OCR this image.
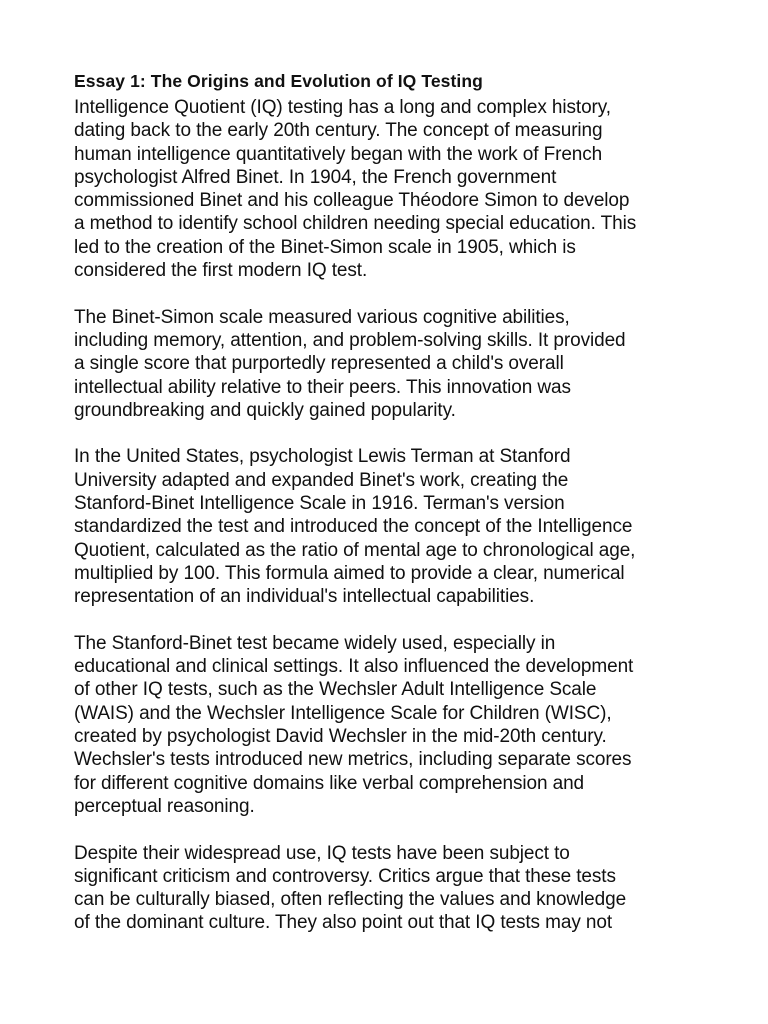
Essay 1: The Origins and Evolution of IQ Testing
Intelligence Quotient (IQ) testing has a long and complex history,
dating back to the early 20th century. The concept of measuring
human intelligence quantitatively began with the work of French
psychologist Alfred Binet. In 1904, the French government
commissioned Binet and his colleague Théodore Simon to develop
a method to identify school children needing special education. This
led to the creation of the Binet-Simon scale in 1905, which is
considered the first modern IQ test.
The Binet-Simon scale measured various cognitive abilities,
including memory, attention, and problem-solving skills. It provided
a single score that purportedly represented a child's overall
intellectual ability relative to their peers. This innovation was
groundbreaking and quickly gained popularity.
In the United States, psychologist Lewis Terman at Stanford
University adapted and expanded Binet's work, creating the
Stanford-Binet Intelligence Scale in 1916. Terman's version
standardized the test and introduced the concept of the Intelligence
Quotient, calculated as the ratio of mental age to chronological age,
multiplied by 100. This formula aimed to provide a clear, numerical
representation of an individual's intellectual capabilities.
The Stanford-Binet test became widely used, especially in
educational and clinical settings. It also influenced the development
of other IQ tests, such as the Wechsler Adult Intelligence Scale
(WAIS) and the Wechsler Intelligence Scale for Children (WISC),
created by psychologist David Wechsler in the mid-20th century.
Wechsler's tests introduced new metrics, including separate scores
for different cognitive domains like verbal comprehension and
perceptual reasoning.
Despite their widespread use, IQ tests have been subject to
significant criticism and controversy. Critics argue that these tests
can be culturally biased, often reflecting the values and knowledge
of the dominant culture. They also point out that IQ tests may not
